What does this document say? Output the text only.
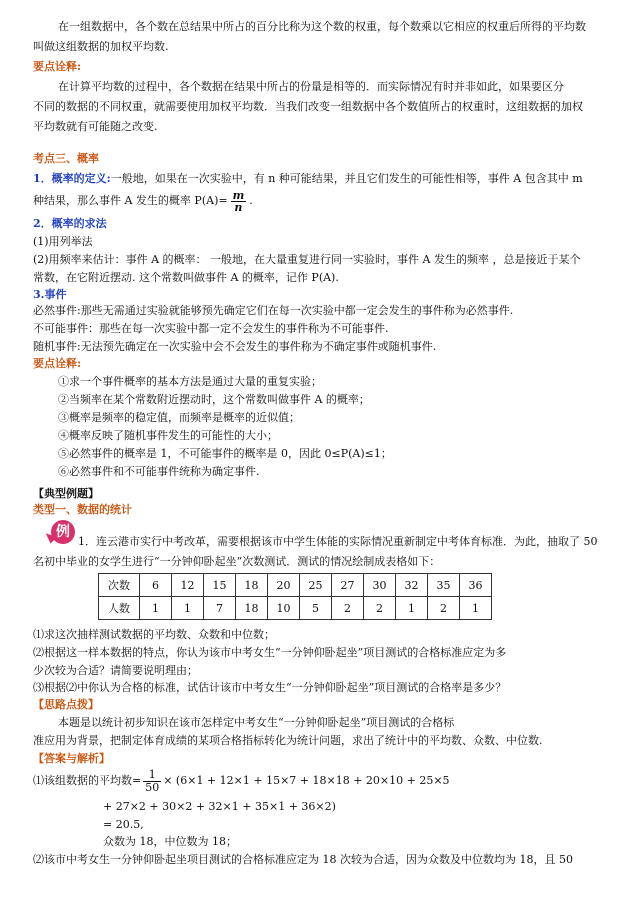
在一组数据中，各个数在总结果中所占的百分比称为这个数的权重，每个数乘以它相应的权重后所得的平均数
叫做这组数据的加权平均数.
要点诠释:
在计算平均数的过程中，各个数据在结果中所占的份量是相等的．而实际情况有时并非如此，如果要区分
不同的数据的不同权重，就需要使用加权平均数．当我们改变一组数据中各个数值所占的权重时，这组数据的加权
平均数就有可能随之改变.
考点三、概率
1．概率的定义:一般地，如果在一次实验中，有 n 种可能结果，并且它们发生的可能性相等，事件 A 包含其中 m
种结果，那么事件 A 发生的概率 $P(A)= \frac{m}{n}$ .
2．概率的求法
(1)用列举法
(2)用频率来估计：事件 A 的概率： 一般地，在大量重复进行同一实验时，事件 A 发生的频率 ，总是接近于某个
常数，在它附近摆动. 这个常数叫做事件 A 的概率，记作 P(A).
3.事件
必然事件:那些无需通过实验就能够预先确定它们在每一次实验中都一定会发生的事件称为必然事件.
不可能事件：那些在每一次实验中都一定不会发生的事件称为不可能事件.
随机事件:无法预先确定在一次实验中会不会发生的事件称为不确定事件或随机事件.
要点诠释:
①求一个事件概率的基本方法是通过大量的重复实验；
②当频率在某个常数附近摆动时，这个常数叫做事件 A 的概率；
③概率是频率的稳定值，而频率是概率的近似值；
④概率反映了随机事件发生的可能性的大小；
⑤必然事件的概率是 1，不可能事件的概率是 0，因此 0≤P(A)≤1；
⑥必然事件和不可能事件统称为确定事件.
【典型例题】
类型一、数据的统计
例
1．连云港市实行中考改革，需要根据该市中学生体能的实际情况重新制定中考体育标准．为此，抽取了 50
名初中毕业的女学生进行“一分钟仰卧起坐”次数测试．测试的情况绘制成表格如下：
次数	6	12	15	18	20	25	27	30	32	35	36
人数	1	1	7	18	10	5	2	2	1	2	1
⑴求这次抽样测试数据的平均数、众数和中位数；
⑵根据这一样本数据的特点，你认为该市中考女生“一分钟仰卧起坐”项目测试的合格标准应定为多
少次较为合适？请简要说明理由；
⑶根据⑵中你认为合格的标准，试估计该市中考女生“一分钟仰卧起坐”项目测试的合格率是多少？
【思路点拨】
本题是以统计初步知识在该市怎样定中考女生“一分钟仰卧起坐”项目测试的合格标
准应用为背景，把制定体育成绩的某项合格指标转化为统计问题，求出了统计中的平均数、众数、中位数.
【答案与解析】
⑴该组数据的平均数= $\frac{1}{50} \times (6\times 1 + 12\times 1 + 15\times 7 + 18\times 18 + 20\times 10 + 25\times 5$
+ 27×2 + 30×2 + 32×1 + 35×1 + 36×2)
= 20.5,
众数为 18，中位数为 18；
⑵该市中考女生一分钟仰卧起坐项目测试的合格标准应定为 18 次较为合适，因为众数及中位数均为 18，且 50
